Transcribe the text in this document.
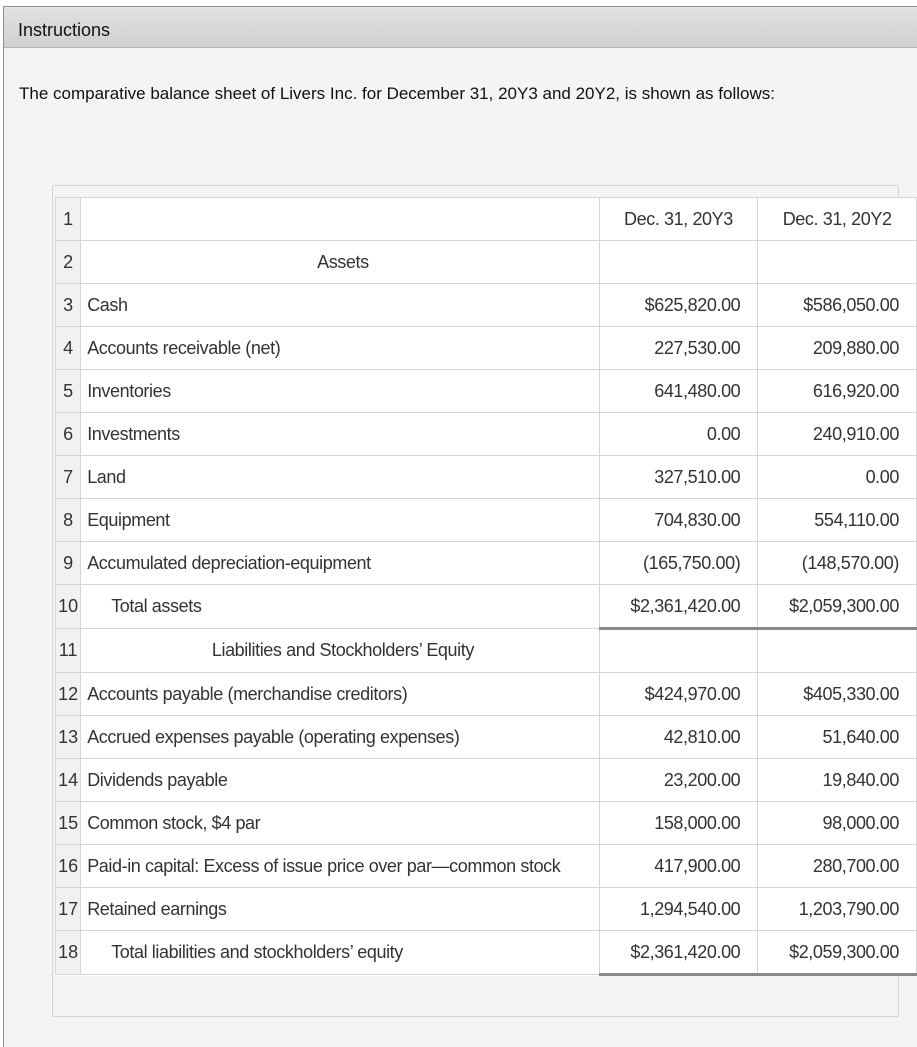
Instructions
The comparative balance sheet of Livers Inc. for December 31, 20Y3 and 20Y2, is shown as follows:
1		Dec. 31, 20Y3	Dec. 31, 20Y2
2	Assets		
3	Cash	$625,820.00	$586,050.00
4	Accounts receivable (net)	227,530.00	209,880.00
5	Inventories	641,480.00	616,920.00
6	Investments	0.00	240,910.00
7	Land	327,510.00	0.00
8	Equipment	704,830.00	554,110.00
9	Accumulated depreciation-equipment	(165,750.00)	(148,570.00)
10	Total assets	$2,361,420.00	$2,059,300.00
11	Liabilities and Stockholders’ Equity		
12	Accounts payable (merchandise creditors)	$424,970.00	$405,330.00
13	Accrued expenses payable (operating expenses)	42,810.00	51,640.00
14	Dividends payable	23,200.00	19,840.00
15	Common stock, $4 par	158,000.00	98,000.00
16	Paid-in capital: Excess of issue price over par—common stock	417,900.00	280,700.00
17	Retained earnings	1,294,540.00	1,203,790.00
18	Total liabilities and stockholders’ equity	$2,361,420.00	$2,059,300.00
